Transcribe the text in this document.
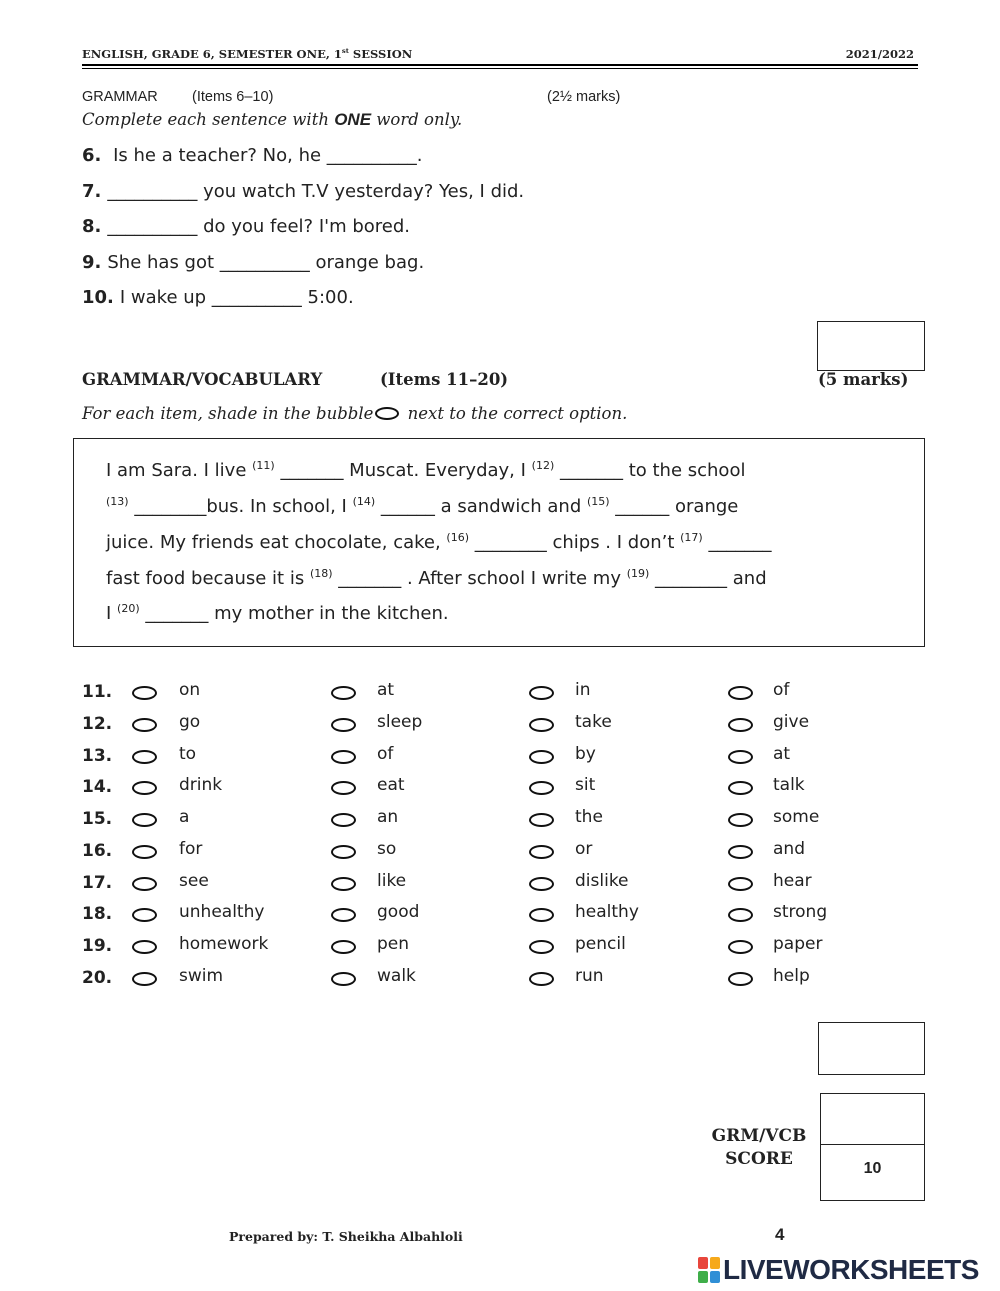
ENGLISH, GRADE 6, SEMESTER ONE, 1st SESSION	2021/2022
GRAMMAR (Items 6–10)	(2½ marks)
Complete each sentence with ONE word only.
6. Is he a teacher? No, he __________.
7. __________ you watch T.V yesterday? Yes, I did.
8. __________ do you feel? I'm bored.
9. She has got __________ orange bag.
10. I wake up __________ 5:00.
GRAMMAR/VOCABULARY	(Items 11–20)	(5 marks)
For each item, shade in the bubble next to the correct option.
I am Sara. I live $^{(11)}$ _______ Muscat. Everyday, I $^{(12)}$ _______ to the school
$^{(13)}$ ________bus. In school, I $^{(14)}$ ______ a sandwich and $^{(15)}$ ______ orange
juice. My friends eat chocolate, cake, $^{(16)}$ ________ chips . I don’t $^{(17)}$ _______
fast food because it is $^{(18)}$ _______ . After school I write my $^{(19)}$ ________ and
I $^{(20)}$ _______ my mother in the kitchen.
11.	on	at	in	of
12.	go	sleep	take	give
13.	to	of	by	at
14.	drink	eat	sit	talk
15.	a	an	the	some
16.	for	so	or	and
17.	see	like	dislike	hear
18.	unhealthy	good	healthy	strong
19.	homework	pen	pencil	paper
20.	swim	walk	run	help
GRM/VCB
SCORE	10
Prepared by: T. Sheikha Albahloli	4
LIVEWORKSHEETS
